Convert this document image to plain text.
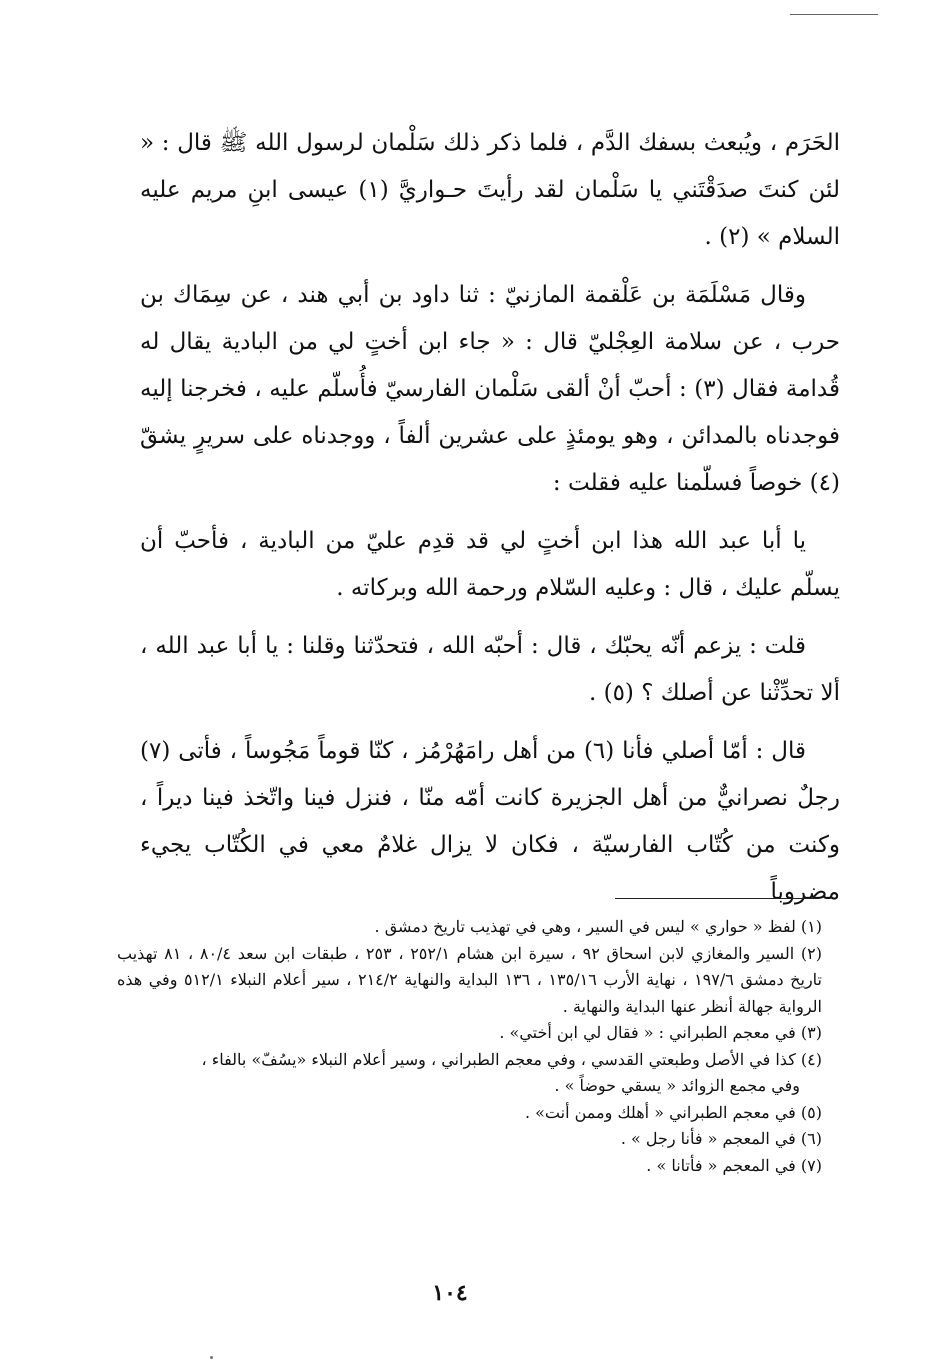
الحَرَم ، ويُبعث بسفك الدَّم ، فلما ذكر ذلك سَلْمان لرسول الله ﷺ قال : « لئن كنتَ صدَقْتَني يا سَلْمان لقد رأيتَ حـواريَّ (١) عيسى ابنِ مريم عليه السلام » (٢) .

وقال مَسْلَمَة بن عَلْقمة المازنيّ : ثنا داود بن أبي هند ، عن سِمَاك بن حرب ، عن سلامة العِجْليّ قال : « جاء ابن أختٍ لي من البادية يقال له قُدامة فقال (٣) : أحبّ أنْ ألقى سَلْمان الفارسيّ فأُسلّم عليه ، فخرجنا إليه فوجدناه بالمدائن ، وهو يومئذٍ على عشرين ألفاً ، ووجدناه على سريرٍ يشقّ (٤) خوصاً فسلّمنا عليه فقلت :

يا أبا عبد الله هذا ابن أختٍ لي قد قدِم عليّ من البادية ، فأحبّ أن يسلّم عليك ، قال : وعليه السّلام ورحمة الله وبركاته .

قلت : يزعم أنّه يحبّك ، قال : أحبّه الله ، فتحدّثنا وقلنا : يا أبا عبد الله ، ألا تحدِّثْنا عن أصلك ؟ (٥) .

قال : أمّا أصلي فأنا (٦) من أهل رامَهُرْمُز ، كنّا قوماً مَجُوساً ، فأتى (٧) رجلٌ نصرانيٌّ من أهل الجزيرة كانت أمّه منّا ، فنزل فينا واتّخذ فينا ديراً ، وكنت من كُتّاب الفارسيّة ، فكان لا يزال غلامٌ معي في الكُتّاب يجيء مضروباً

(١) لفظ « حواري » ليس في السير ، وهي في تهذيب تاريخ دمشق .

(٢) السير والمغازي لابن اسحاق ٩٢ ، سيرة ابن هشام ٢٥٢/١ ، ٢٥٣ ، طبقات ابن سعد ٨٠/٤ ، ٨١ تهذيب تاريخ دمشق ١٩٧/٦ ، نهاية الأرب ١٣٥/١٦ ، ١٣٦ البداية والنهاية ٢١٤/٢ ، سير أعلام النبلاء ٥١٢/١ وفي هذه الرواية جهالة أنظر عنها البداية والنهاية .

(٣) في معجم الطبراني : « فقال لي ابن أختي» .

(٤) كذا في الأصل وطبعتي القدسي ، وفي معجم الطبراني ، وسير أعلام النبلاء «يسُفّ» بالفاء ،

وفي مجمع الزوائد « يسقي حوضاً » .

(٥) في معجم الطبراني « أهلك وممن أنت» .

(٦) في المعجم « فأنا رجل » .

(٧) في المعجم « فأتانا » .

١٠٤
